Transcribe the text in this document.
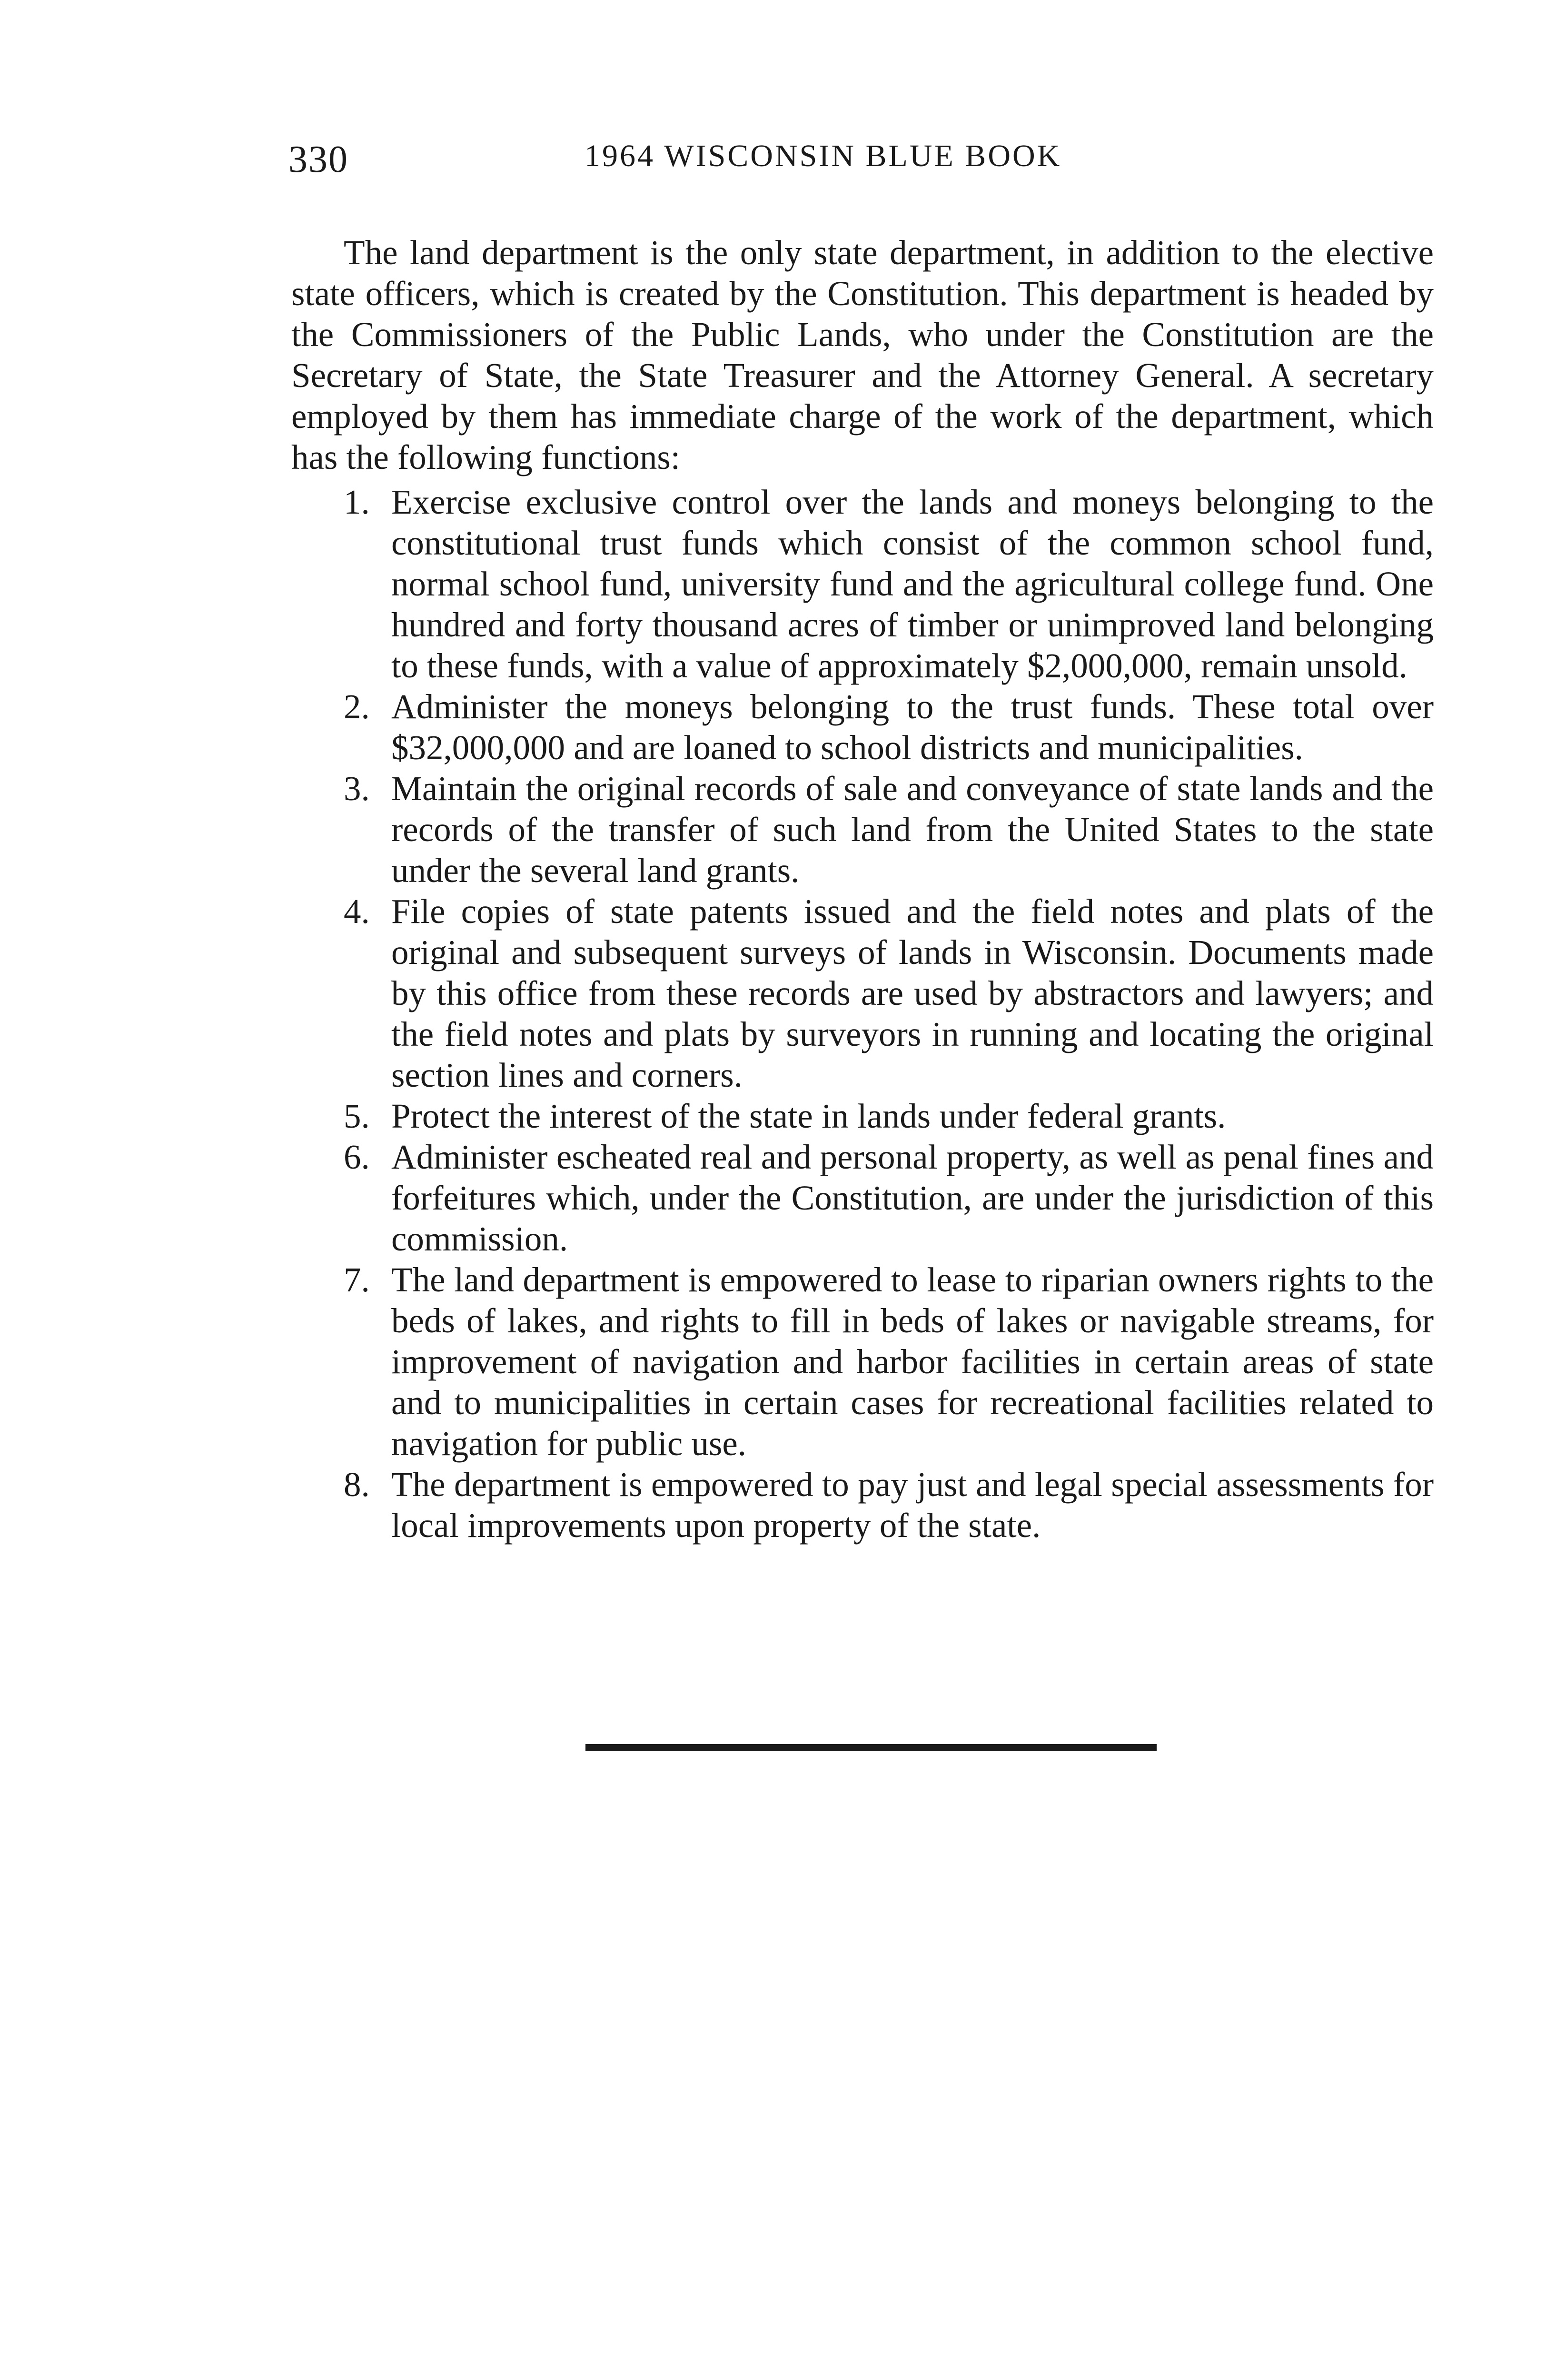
330	1964 WISCONSIN BLUE BOOK

The land department is the only state department, in addition to the elective state officers, which is created by the Constitution. This department is headed by the Commissioners of the Public Lands, who under the Constitution are the Secretary of State, the State Treasurer and the Attorney General. A secretary employed by them has immediate charge of the work of the department, which has the following functions:

1. Exercise exclusive control over the lands and moneys belonging to the constitutional trust funds which consist of the common school fund, normal school fund, university fund and the agricultural college fund. One hundred and forty thousand acres of timber or unimproved land belonging to these funds, with a value of approximately $2,000,000, remain unsold.
2. Administer the moneys belonging to the trust funds. These total over $32,000,000 and are loaned to school districts and municipalities.
3. Maintain the original records of sale and conveyance of state lands and the records of the transfer of such land from the United States to the state under the several land grants.
4. File copies of state patents issued and the field notes and plats of the original and subsequent surveys of lands in Wisconsin. Documents made by this office from these records are used by abstractors and lawyers; and the field notes and plats by surveyors in running and locating the original section lines and corners.
5. Protect the interest of the state in lands under federal grants.
6. Administer escheated real and personal property, as well as penal fines and forfeitures which, under the Constitution, are under the jurisdiction of this commission.
7. The land department is empowered to lease to riparian owners rights to the beds of lakes, and rights to fill in beds of lakes or navigable streams, for improvement of navigation and harbor facilities in certain areas of state and to municipalities in certain cases for recreational facilities related to navigation for public use.
8. The department is empowered to pay just and legal special assessments for local improvements upon property of the state.
